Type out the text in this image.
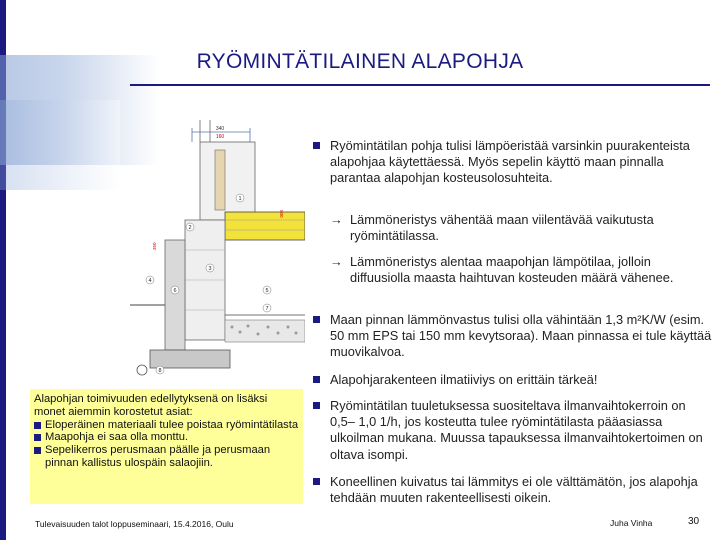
RYÖMINTÄTILAINEN ALAPOHJA
340
160
1
2
3
4
5
6
7
8
500
350
Ryömintätilan pohja tulisi lämpöeristää varsinkin puurakenteista alapohjaa käytettäessä. Myös sepelin käyttö maan pinnalla parantaa alapohjan kosteusolosuhteita.
→ Lämmöneristys vähentää maan viilentävää vaikutusta ryömintätilassa.
→ Lämmöneristys alentaa maapohjan lämpötilaa, jolloin diffuusiolla maasta haihtuvan kosteuden määrä vähenee.
Maan pinnan lämmönvastus tulisi olla vähintään 1,3 m²K/W (esim. 50 mm EPS tai 150 mm kevytsoraa). Maan pinnassa ei tule käyttää muovikalvoa.
Alapohjarakenteen ilmatiiviys on erittäin tärkeä!
Ryömintätilan tuuletuksessa suositeltava ilmanvaihtokerroin on 0,5– 1,0 1/h, jos kosteutta tulee ryömintätilasta pääasiassa ulkoilman mukana. Muussa tapauksessa ilmanvaihtokertoimen on oltava isompi.
Koneellinen kuivatus tai lämmitys ei ole välttämätön, jos alapohja tehdään muuten rakenteellisesti oikein.
Alapohjan toimivuuden edellytyksenä on lisäksi monet aiemmin korostetut asiat:
Eloperäinen materiaali tulee poistaa ryömintätilasta
Maapohja ei saa olla monttu.
Sepelikerros perusmaan päälle ja perusmaan pinnan kallistus ulospäin salaojiin.
Tulevaisuuden talot loppuseminaari, 15.4.2016, Oulu	Juha Vinha	30
